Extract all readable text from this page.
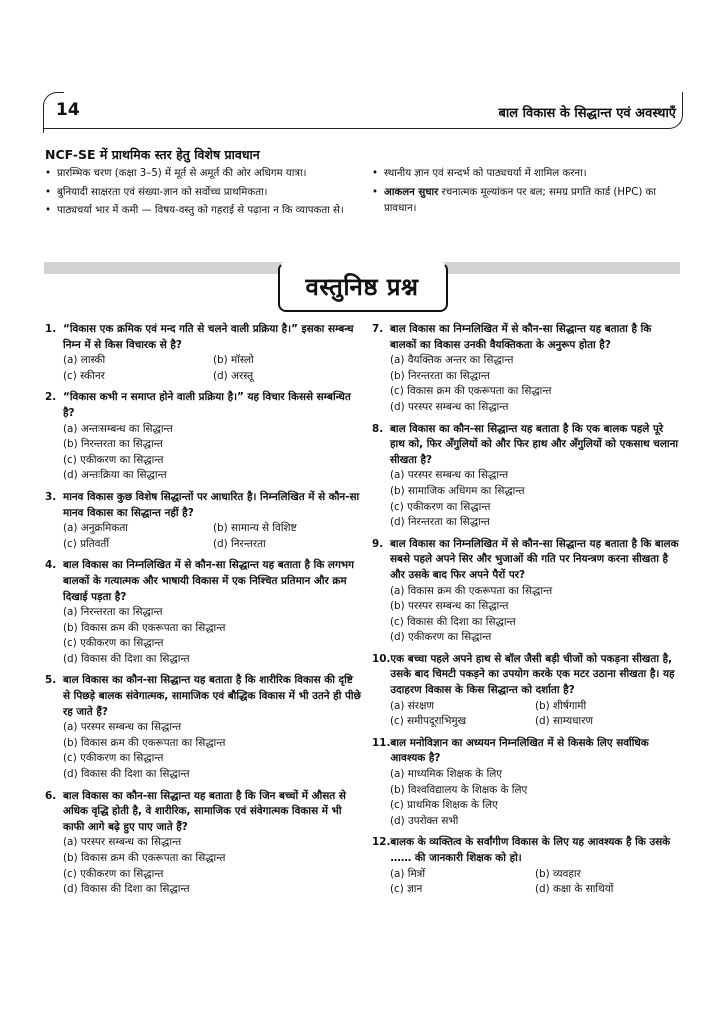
14	बाल विकास के सिद्धान्त एवं अवस्थाएँ
NCF-SE में प्राथमिक स्तर हेतु विशेष प्रावधान
• प्रारम्भिक चरण (कक्षा 3–5) में मूर्त से अमूर्त की ओर अधिगम यात्रा।
• बुनियादी साक्षरता एवं संख्या-ज्ञान को सर्वोच्च प्राथमिकता।
• पाठ्यचर्या भार में कमी — विषय-वस्तु को गहराई से पढ़ाना न कि व्यापकता से।
• स्थानीय ज्ञान एवं सन्दर्भ को पाठ्यचर्या में शामिल करना।
• आकलन सुधार रचनात्मक मूल्यांकन पर बल; समग्र प्रगति कार्ड (HPC) का प्रावधान।
वस्तुनिष्ठ प्रश्न
1. “विकास एक क्रमिक एवं मन्द गति से चलने वाली प्रक्रिया है।” इसका सम्बन्ध निम्न में से किस विचारक से है?
(a) लास्की	(b) मॉस्लो
(c) स्कीनर	(d) अरस्तू
2. “विकास कभी न समाप्त होने वाली प्रक्रिया है।” यह विचार किससे सम्बन्धित है?
(a) अन्तःसम्बन्ध का सिद्धान्त
(b) निरन्तरता का सिद्धान्त
(c) एकीकरण का सिद्धान्त
(d) अन्तःक्रिया का सिद्धान्त
3. मानव विकास कुछ विशेष सिद्धान्तों पर आधारित है। निम्नलिखित में से कौन-सा मानव विकास का सिद्धान्त नहीं है?
(a) अनुक्रमिकता	(b) सामान्य से विशिष्ट
(c) प्रतिवर्ती	(d) निरन्तरता
4. बाल विकास का निम्नलिखित में से कौन-सा सिद्धान्त यह बताता है कि लगभग बालकों के गत्यात्मक और भाषायी विकास में एक निश्चित प्रतिमान और क्रम दिखाई पड़ता है?
(a) निरन्तरता का सिद्धान्त
(b) विकास क्रम की एकरूपता का सिद्धान्त
(c) एकीकरण का सिद्धान्त
(d) विकास की दिशा का सिद्धान्त
5. बाल विकास का कौन-सा सिद्धान्त यह बताता है कि शारीरिक विकास की दृष्टि से पिछड़े बालक संवेगात्मक, सामाजिक एवं बौद्धिक विकास में भी उतने ही पीछे रह जाते हैं?
(a) परस्पर सम्बन्ध का सिद्धान्त
(b) विकास क्रम की एकरूपता का सिद्धान्त
(c) एकीकरण का सिद्धान्त
(d) विकास की दिशा का सिद्धान्त
6. बाल विकास का कौन-सा सिद्धान्त यह बताता है कि जिन बच्चों में औसत से अधिक वृद्धि होती है, वे शारीरिक, सामाजिक एवं संवेगात्मक विकास में भी काफी आगे बढ़े हुए पाए जाते हैं?
(a) परस्पर सम्बन्ध का सिद्धान्त
(b) विकास क्रम की एकरूपता का सिद्धान्त
(c) एकीकरण का सिद्धान्त
(d) विकास की दिशा का सिद्धान्त
7. बाल विकास का निम्नलिखित में से कौन-सा सिद्धान्त यह बताता है कि बालकों का विकास उनकी वैयक्तिकता के अनुरूप होता है?
(a) वैयक्तिक अन्तर का सिद्धान्त
(b) निरन्तरता का सिद्धान्त
(c) विकास क्रम की एकरूपता का सिद्धान्त
(d) परस्पर सम्बन्ध का सिद्धान्त
8. बाल विकास का कौन-सा सिद्धान्त यह बताता है कि एक बालक पहले पूरे हाथ को, फिर अँगुलियों को और फिर हाथ और अँगुलियों को एकसाथ चलाना सीखता है?
(a) परस्पर सम्बन्ध का सिद्धान्त
(b) सामाजिक अधिगम का सिद्धान्त
(c) एकीकरण का सिद्धान्त
(d) निरन्तरता का सिद्धान्त
9. बाल विकास का निम्नलिखित में से कौन-सा सिद्धान्त यह बताता है कि बालक सबसे पहले अपने सिर और भुजाओं की गति पर नियन्त्रण करना सीखता है और उसके बाद फिर अपने पैरों पर?
(a) विकास क्रम की एकरूपता का सिद्धान्त
(b) परस्पर सम्बन्ध का सिद्धान्त
(c) विकास की दिशा का सिद्धान्त
(d) एकीकरण का सिद्धान्त
10. एक बच्चा पहले अपने हाथ से बॉल जैसी बड़ी चीजों को पकड़ना सीखता है, उसके बाद चिमटी पकड़ने का उपयोग करके एक मटर उठाना सीखता है। यह उदाहरण विकास के किस सिद्धान्त को दर्शाता है?
(a) संरक्षण	(b) शीर्षगामी
(c) समीपदूराभिमुख	(d) साम्यधारण
11. बाल मनोविज्ञान का अध्ययन निम्नलिखित में से किसके लिए सर्वाधिक आवश्यक है?
(a) माध्यमिक शिक्षक के लिए
(b) विश्वविद्यालय के शिक्षक के लिए
(c) प्राथमिक शिक्षक के लिए
(d) उपरोक्त सभी
12. बालक के व्यक्तित्व के सर्वांगीण विकास के लिए यह आवश्यक है कि उसके …… की जानकारी शिक्षक को हो।
(a) मित्रों	(b) व्यवहार
(c) ज्ञान	(d) कक्षा के साथियों
